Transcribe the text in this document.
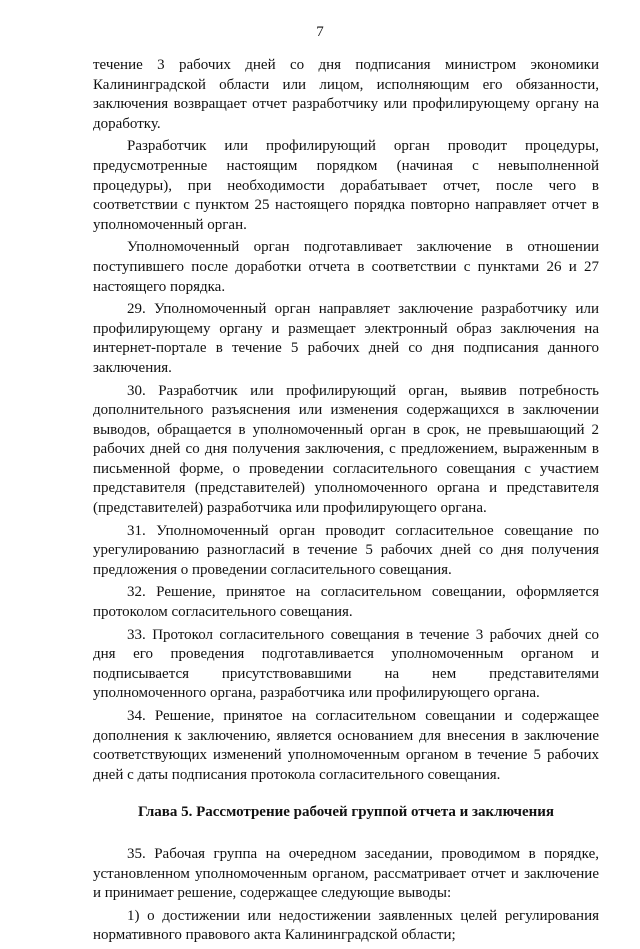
7

течение 3 рабочих дней со дня подписания министром экономики Калининградской области или лицом, исполняющим его обязанности, заключения возвращает отчет разработчику или профилирующему органу на доработку.

Разработчик или профилирующий орган проводит процедуры, предусмотренные настоящим порядком (начиная с невыполненной процедуры), при необходимости дорабатывает отчет, после чего в соответствии с пунктом 25 настоящего порядка повторно направляет отчет в уполномоченный орган.

Уполномоченный орган подготавливает заключение в отношении поступившего после доработки отчета в соответствии с пунктами 26 и 27 настоящего порядка.

29. Уполномоченный орган направляет заключение разработчику или профилирующему органу и размещает электронный образ заключения на интернет-портале в течение 5 рабочих дней со дня подписания данного заключения.

30. Разработчик или профилирующий орган, выявив потребность дополнительного разъяснения или изменения содержащихся в заключении выводов, обращается в уполномоченный орган в срок, не превышающий 2 рабочих дней со дня получения заключения, с предложением, выраженным в письменной форме, о проведении согласительного совещания с участием представителя (представителей) уполномоченного органа и представителя (представителей) разработчика или профилирующего органа.

31. Уполномоченный орган проводит согласительное совещание по урегулированию разногласий в течение 5 рабочих дней со дня получения предложения о проведении согласительного совещания.

32. Решение, принятое на согласительном совещании, оформляется протоколом согласительного совещания.

33. Протокол согласительного совещания в течение 3 рабочих дней со дня его проведения подготавливается уполномоченным органом и подписывается присутствовавшими на нем представителями уполномоченного органа, разработчика или профилирующего органа.

34. Решение, принятое на согласительном совещании и содержащее дополнения к заключению, является основанием для внесения в заключение соответствующих изменений уполномоченным органом в течение 5 рабочих дней с даты подписания протокола согласительного совещания.

Глава 5. Рассмотрение рабочей группой отчета и заключения

35. Рабочая группа на очередном заседании, проводимом в порядке, установленном уполномоченным органом, рассматривает отчет и заключение и принимает решение, содержащее следующие выводы:

1) о достижении или недостижении заявленных целей регулирования нормативного правового акта Калининградской области;
